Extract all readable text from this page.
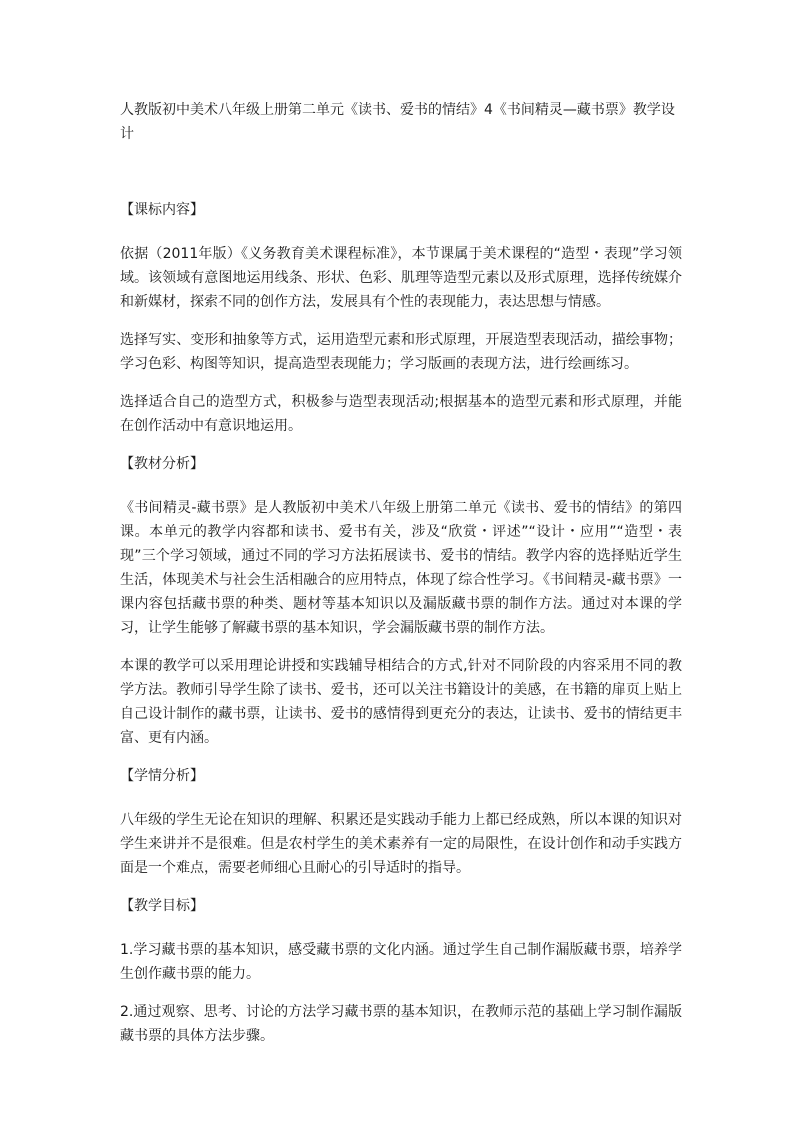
人教版初中美术八年级上册第二单元《读书、爱书的情结》4《书间精灵—藏书票》教学设计
【课标内容】

依据（2011年版）《义务教育美术课程标准》，本节课属于美术课程的“造型・表现”学习领域。该领域有意图地运用线条、形状、色彩、肌理等造型元素以及形式原理，选择传统媒介和新媒材，探索不同的创作方法，发展具有个性的表现能力，表达思想与情感。

选择写实、变形和抽象等方式，运用造型元素和形式原理，开展造型表现活动，描绘事物；学习色彩、构图等知识，提高造型表现能力；学习版画的表现方法，进行绘画练习。

选择适合自己的造型方式，积极参与造型表现活动;根据基本的造型元素和形式原理，并能在创作活动中有意识地运用。

【教材分析】

《书间精灵-藏书票》是人教版初中美术八年级上册第二单元《读书、爱书的情结》的第四课。本单元的教学内容都和读书、爱书有关，涉及“欣赏・评述”“设计・应用”“造型・表现”三个学习领域，通过不同的学习方法拓展读书、爱书的情结。教学内容的选择贴近学生生活，体现美术与社会生活相融合的应用特点，体现了综合性学习。《书间精灵-藏书票》一课内容包括藏书票的种类、题材等基本知识以及漏版藏书票的制作方法。通过对本课的学习，让学生能够了解藏书票的基本知识，学会漏版藏书票的制作方法。

本课的教学可以采用理论讲授和实践辅导相结合的方式,针对不同阶段的内容采用不同的教学方法。教师引导学生除了读书、爱书，还可以关注书籍设计的美感，在书籍的扉页上贴上自己设计制作的藏书票，让读书、爱书的感情得到更充分的表达，让读书、爱书的情结更丰富、更有内涵。

【学情分析】

八年级的学生无论在知识的理解、积累还是实践动手能力上都已经成熟，所以本课的知识对学生来讲并不是很难。但是农村学生的美术素养有一定的局限性，在设计创作和动手实践方面是一个难点，需要老师细心且耐心的引导适时的指导。

【教学目标】

1.学习藏书票的基本知识，感受藏书票的文化内涵。通过学生自己制作漏版藏书票，培养学生创作藏书票的能力。

2.通过观察、思考、讨论的方法学习藏书票的基本知识，在教师示范的基础上学习制作漏版藏书票的具体方法步骤。
